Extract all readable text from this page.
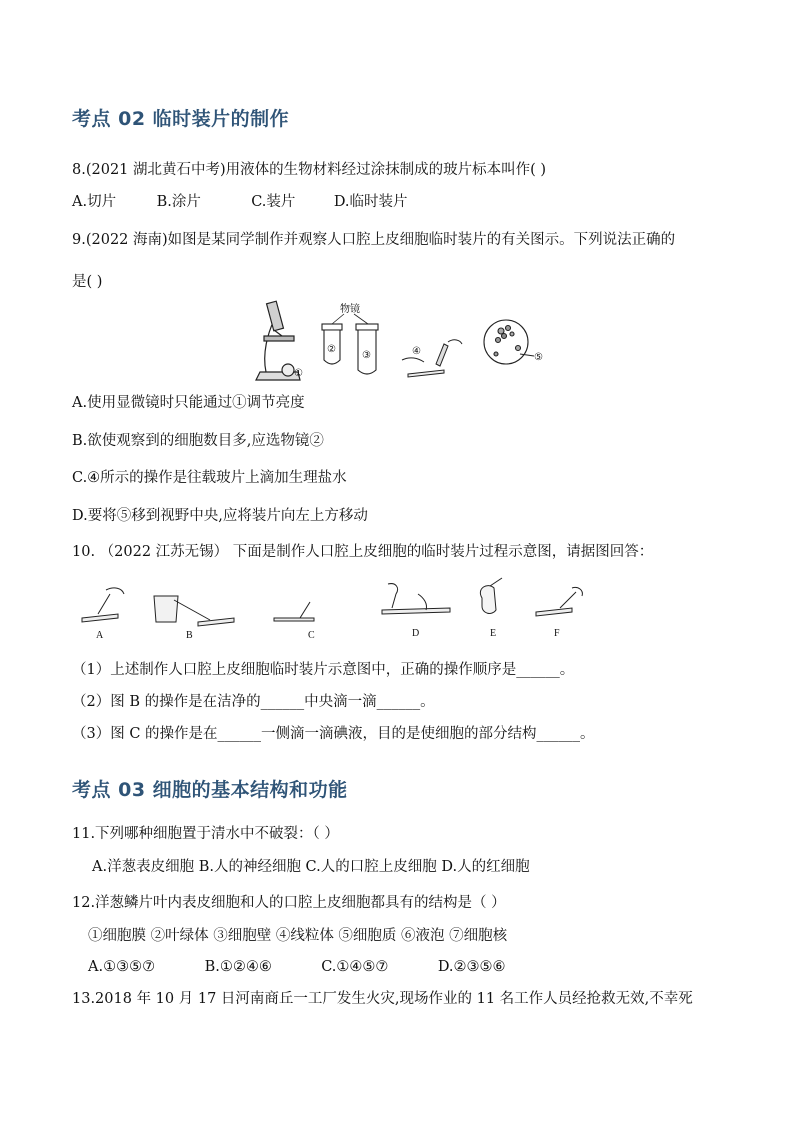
考点 02 临时装片的制作
8.(2021 湖北黄石中考)用液体的生物材料经过涂抹制成的玻片标本叫作( )
A.切片	B.涂片	C.装片	D.临时装片
9.(2022 海南)如图是某同学制作并观察人口腔上皮细胞临时装片的有关图示。下列说法正确的
是( )
①
物镜
②
③	④
⑤
A.使用显微镜时只能通过①调节亮度
B.欲使观察到的细胞数目多,应选物镜②
C.④所示的操作是往载玻片上滴加生理盐水
D.要将⑤移到视野中央,应将装片向左上方移动
10. （2022 江苏无锡） 下面是制作人口腔上皮细胞的临时装片过程示意图，请据图回答：
A	B	C	D	E	F
（1）上述制作人口腔上皮细胞临时装片示意图中，正确的操作顺序是______。
（2）图 B 的操作是在洁净的______中央滴一滴______。
（3）图 C 的操作是在______一侧滴一滴碘液，目的是使细胞的部分结构______。
考点 03 细胞的基本结构和功能
11.下列哪种细胞置于清水中不破裂：（ ）
A.洋葱表皮细胞 B.人的神经细胞 C.人的口腔上皮细胞 D.人的红细胞
12.洋葱鳞片叶内表皮细胞和人的口腔上皮细胞都具有的结构是（ ）
①细胞膜 ②叶绿体 ③细胞壁 ④线粒体 ⑤细胞质 ⑥液泡 ⑦细胞核
A.①③⑤⑦	B.①②④⑥	C.①④⑤⑦	D.②③⑤⑥
13.2018 年 10 月 17 日河南商丘一工厂发生火灾,现场作业的 11 名工作人员经抢救无效,不幸死
